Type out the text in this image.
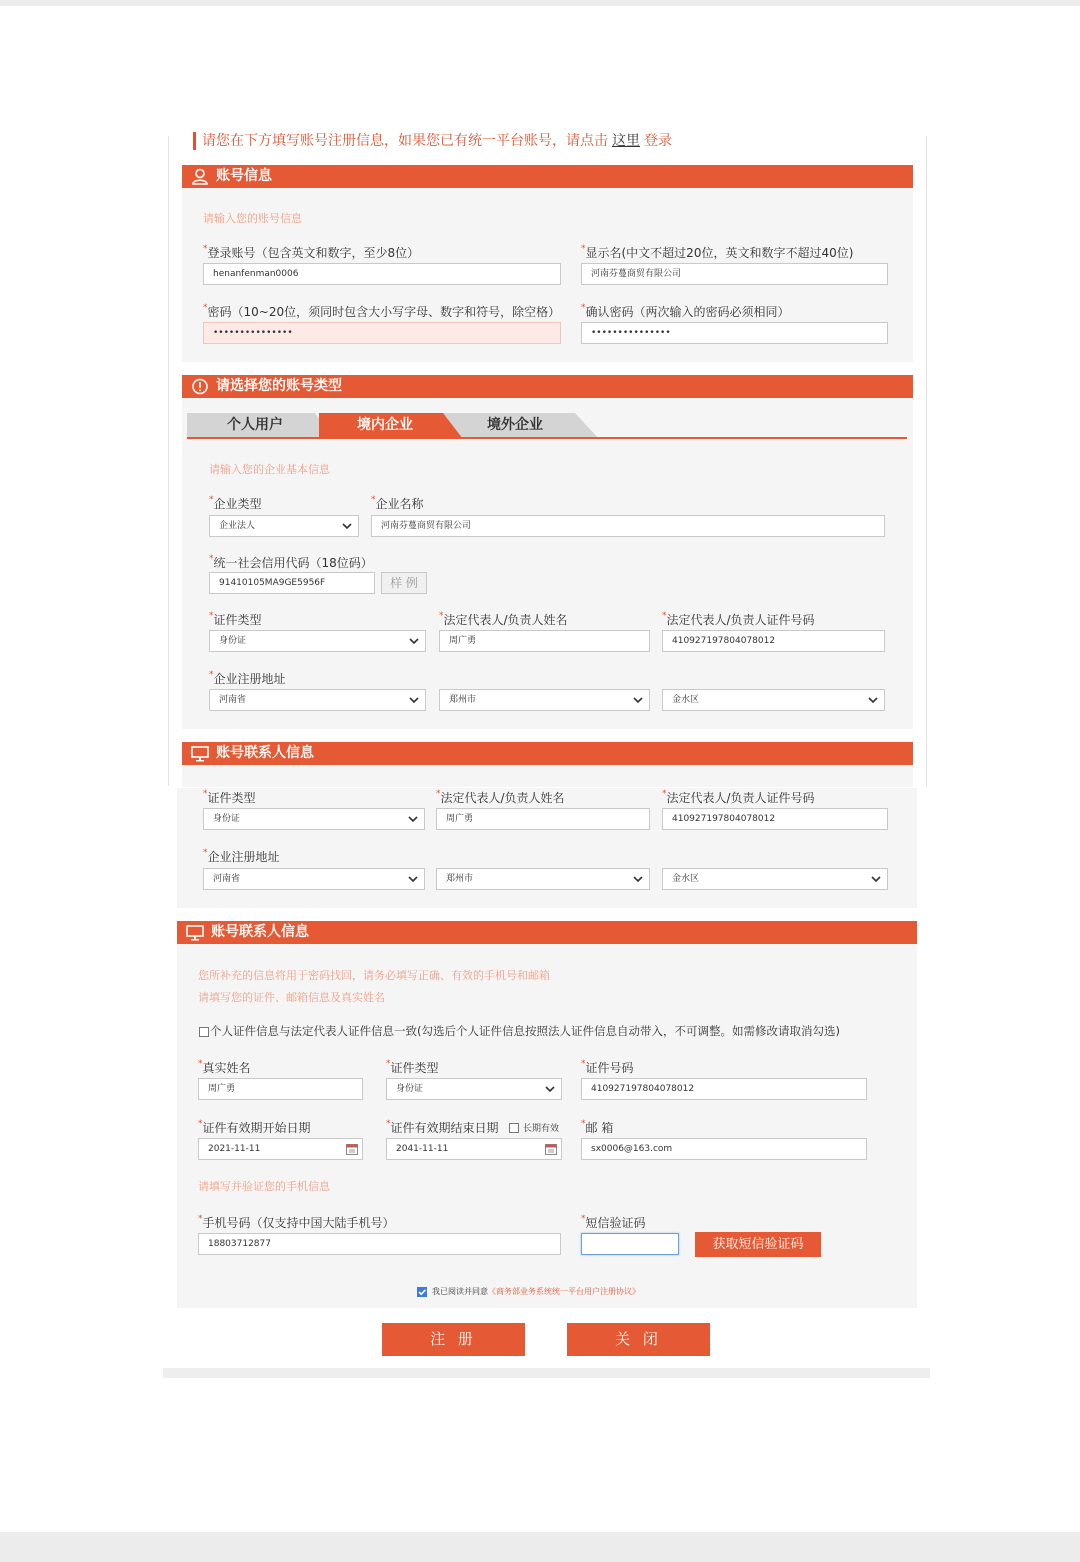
请您在下方填写账号注册信息，如果您已有统一平台账号，请点击 这里 登录
账号信息
请输入您的账号信息
*登录账号（包含英文和数字，至少8位）
henanfenman0006
*显示名(中文不超过20位，英文和数字不超过40位)
河南芬蔓商贸有限公司
*密码（10~20位，须同时包含大小写字母、数字和符号，除空格）
•••••••••••••••
*确认密码（两次输入的密码必须相同）
•••••••••••••••
请选择您的账号类型
个人用户	境内企业	境外企业
请输入您的企业基本信息
*企业类型
企业法人
*企业名称
河南芬蔓商贸有限公司
*统一社会信用代码（18位码）
91410105MA9GE5956F	样 例
*证件类型
身份证
*法定代表人/负责人姓名
周广勇
*法定代表人/负责人证件号码
410927197804078012
*企业注册地址
河南省	郑州市	金水区
账号联系人信息
*证件类型
身份证
*法定代表人/负责人姓名
周广勇
*法定代表人/负责人证件号码
410927197804078012
*企业注册地址
河南省	郑州市	金水区
账号联系人信息
您所补充的信息将用于密码找回，请务必填写正确、有效的手机号和邮箱
请填写您的证件、邮箱信息及真实姓名
个人证件信息与法定代表人证件信息一致(勾选后个人证件信息按照法人证件信息自动带入，不可调整。如需修改请取消勾选)
*真实姓名
周广勇
*证件类型
身份证
*证件号码
410927197804078012
*证件有效期开始日期
2021-11-11
*证件有效期结束日期	长期有效
2041-11-11
*邮 箱
sx0006@163.com
请填写并验证您的手机信息
*手机号码（仅支持中国大陆手机号）
18803712877
*短信验证码
获取短信验证码
我已阅读并同意《商务部业务系统统一平台用户注册协议》
注 册	关 闭
